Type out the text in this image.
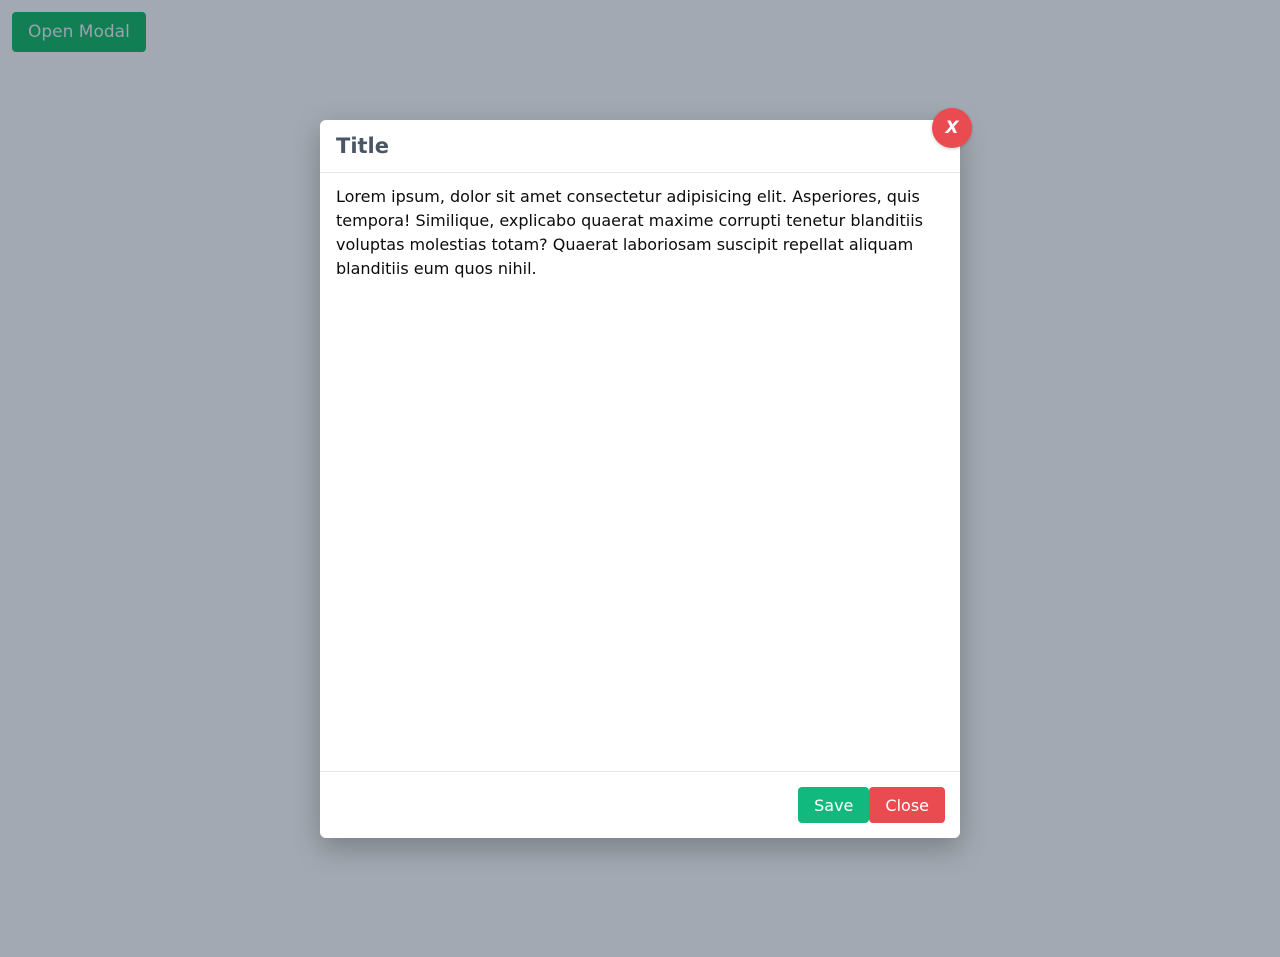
Open Modal
Title
X

Lorem ipsum, dolor sit amet consectetur adipisicing elit. Asperiores, quis tempora! Similique, explicabo quaerat maxime corrupti tenetur blanditiis voluptas molestias totam? Quaerat laboriosam suscipit repellat aliquam blanditiis eum quos nihil.

Save	Close
